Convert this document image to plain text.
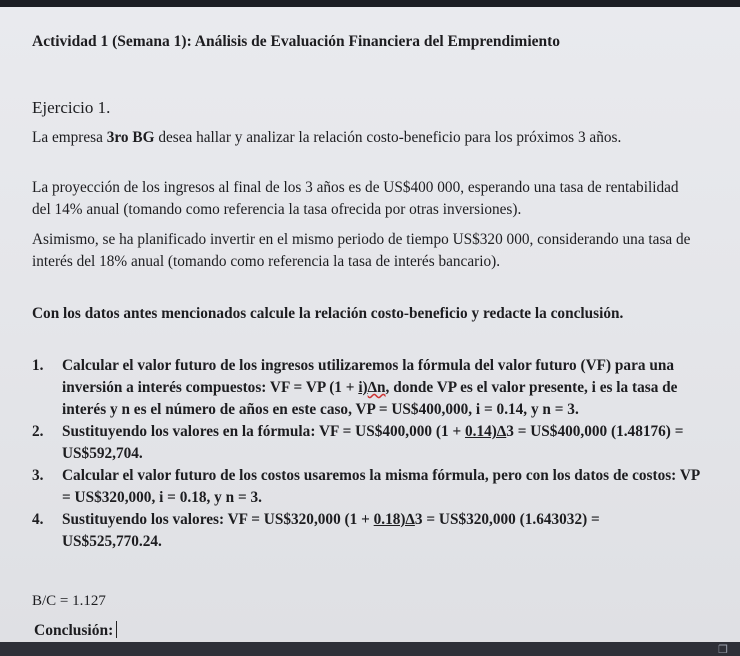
Actividad 1 (Semana 1): Análisis de Evaluación Financiera del Emprendimiento
Ejercicio 1.
La empresa 3ro BG desea hallar y analizar la relación costo-beneficio para los próximos 3 años.
La proyección de los ingresos al final de los 3 años es de US$400 000, esperando una tasa de rentabilidad del 14% anual (tomando como referencia la tasa ofrecida por otras inversiones).
Asimismo, se ha planificado invertir en el mismo periodo de tiempo US$320 000, considerando una tasa de interés del 18% anual (tomando como referencia la tasa de interés bancario).
Con los datos antes mencionados calcule la relación costo-beneficio y redacte la conclusión.
1. Calcular el valor futuro de los ingresos utilizaremos la fórmula del valor futuro (VF) para una inversión a interés compuestos: VF = VP (1 + i)∆n, donde VP es el valor presente, i es la tasa de interés y n es el número de años en este caso, VP = US$400,000, i = 0.14, y n = 3.
2. Sustituyendo los valores en la fórmula: VF = US$400,000 (1 + 0.14)∆3 = US$400,000 (1.48176) = US$592,704.
3. Calcular el valor futuro de los costos usaremos la misma fórmula, pero con los datos de costos: VP = US$320,000, i = 0.18, y n = 3.
4. Sustituyendo los valores: VF = US$320,000 (1 + 0.18)∆3 = US$320,000 (1.643032) = US$525,770.24.
B/C = 1.127
Conclusión:
❐
